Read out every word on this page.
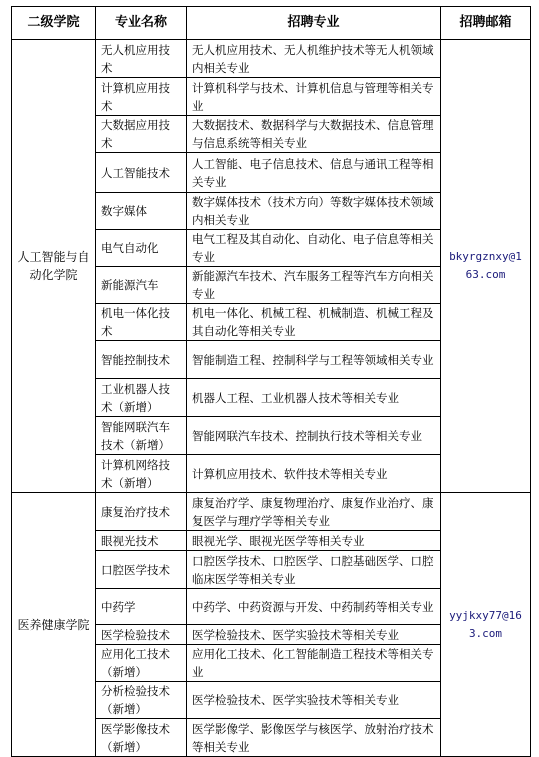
二级学院	专业名称	招聘专业	招聘邮箱
人工智能与自动化学院	无人机应用技术	无人机应用技术、无人机维护技术等无人机领域内相关专业	bkyrgznxy@163.com
	计算机应用技术	计算机科学与技术、计算机信息与管理等相关专业	
	大数据应用技术	大数据技术、数据科学与大数据技术、信息管理与信息系统等相关专业	
	人工智能技术	人工智能、电子信息技术、信息与通讯工程等相关专业	
	数字媒体	数字媒体技术（技术方向）等数字媒体技术领域内相关专业	
	电气自动化	电气工程及其自动化、自动化、电子信息等相关专业	
	新能源汽车	新能源汽车技术、汽车服务工程等汽车方向相关专业	
	机电一体化技术	机电一体化、机械工程、机械制造、机械工程及其自动化等相关专业	
	智能控制技术	智能制造工程、控制科学与工程等领域相关专业	
	工业机器人技术（新增）	机器人工程、工业机器人技术等相关专业	
	智能网联汽车技术（新增）	智能网联汽车技术、控制执行技术等相关专业	
	计算机网络技术（新增）	计算机应用技术、软件技术等相关专业	
医养健康学院	康复治疗技术	康复治疗学、康复物理治疗、康复作业治疗、康复医学与理疗学等相关专业	yyjkxy77@163.com
	眼视光技术	眼视光学、眼视光医学等相关专业	
	口腔医学技术	口腔医学技术、口腔医学、口腔基础医学、口腔临床医学等相关专业	
	中药学	中药学、中药资源与开发、中药制药等相关专业	
	医学检验技术	医学检验技术、医学实验技术等相关专业	
	应用化工技术（新增）	应用化工技术、化工智能制造工程技术等相关专业	
	分析检验技术（新增）	医学检验技术、医学实验技术等相关专业	
	医学影像技术（新增）	医学影像学、影像医学与核医学、放射治疗技术等相关专业	
